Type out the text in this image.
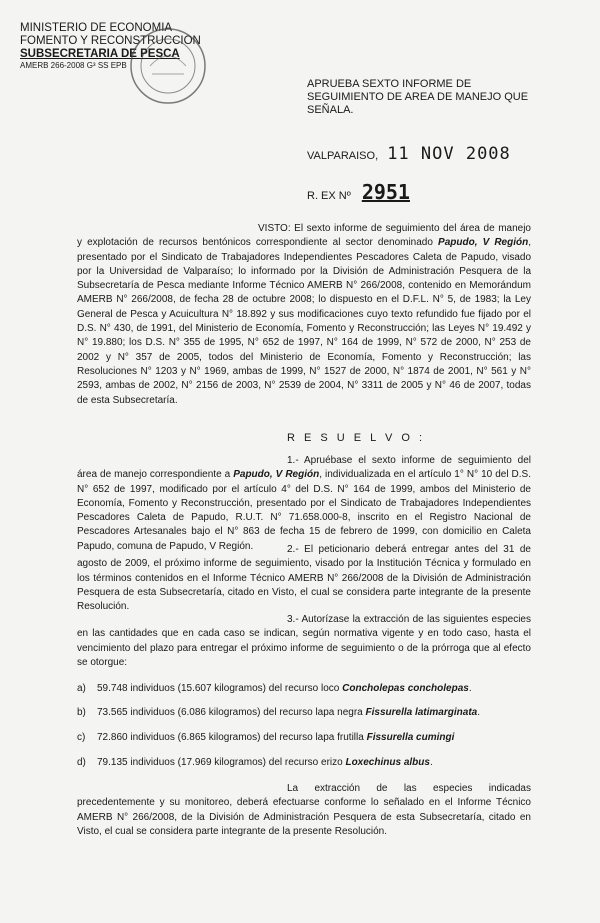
MINISTERIO DE ECONOMIA
FOMENTO Y RECONSTRUCCION
SUBSECRETARIA DE PESCA
AMERB 266-2008 G³ SS EPB
APRUEBA SEXTO INFORME DE
SEGUIMIENTO DE AREA DE MANEJO QUE
SEÑALA.
VALPARAISO, 11 NOV 2008
R. EX Nº 2951
VISTO: El sexto informe de seguimiento del área de manejo y explotación de recursos bentónicos correspondiente al sector denominado Papudo, V Región, presentado por el Sindicato de Trabajadores Independientes Pescadores Caleta de Papudo, visado por la Universidad de Valparaíso; lo informado por la División de Administración Pesquera de la Subsecretaría de Pesca mediante Informe Técnico AMERB N° 266/2008, contenido en Memorándum AMERB N° 266/2008, de fecha 28 de octubre 2008; lo dispuesto en el D.F.L. N° 5, de 1983; la Ley General de Pesca y Acuicultura N° 18.892 y sus modificaciones cuyo texto refundido fue fijado por el D.S. N° 430, de 1991, del Ministerio de Economía, Fomento y Reconstrucción; las Leyes N° 19.492 y N° 19.880; los D.S. N° 355 de 1995, N° 652 de 1997, N° 164 de 1999, N° 572 de 2000, N° 253 de 2002 y N° 357 de 2005, todos del Ministerio de Economía, Fomento y Reconstrucción; las Resoluciones N° 1203 y N° 1969, ambas de 1999, N° 1527 de 2000, N° 1874 de 2001, N° 561 y N° 2593, ambas de 2002, N° 2156 de 2003, N° 2539 de 2004, N° 3311 de 2005 y N° 46 de 2007, todas de esta Subsecretaría.
R E S U E L V O :
1.- Apruébase el sexto informe de seguimiento del área de manejo correspondiente a Papudo, V Región, individualizada en el artículo 1° N° 10 del D.S. N° 652 de 1997, modificado por el artículo 4° del D.S. N° 164 de 1999, ambos del Ministerio de Economía, Fomento y Reconstrucción, presentado por el Sindicato de Trabajadores Independientes Pescadores Caleta de Papudo, R.U.T. N° 71.658.000-8, inscrito en el Registro Nacional de Pescadores Artesanales bajo el N° 863 de fecha 15 de febrero de 1999, con domicilio en Caleta Papudo, comuna de Papudo, V Región.	2.- El peticionario deberá entregar antes del 31 de agosto de 2009, el próximo informe de seguimiento, visado por la Institución Técnica y formulado en los términos contenidos en el Informe Técnico AMERB N° 266/2008 de la División de Administración Pesquera de esta Subsecretaría, citado en Visto, el cual se considera parte integrante de la presente Resolución.
3.- Autorízase la extracción de las siguientes especies en las cantidades que en cada caso se indican, según normativa vigente y en todo caso, hasta el vencimiento del plazo para entregar el próximo informe de seguimiento o de la prórroga que al efecto se otorgue:
a) 59.748 individuos (15.607 kilogramos) del recurso loco Concholepas concholepas.
b) 73.565 individuos (6.086 kilogramos) del recurso lapa negra Fissurella latimarginata.
c) 72.860 individuos (6.865 kilogramos) del recurso lapa frutilla Fissurella cumingi
d) 79.135 individuos (17.969 kilogramos) del recurso erizo Loxechinus albus.
La extracción de las especies indicadas precedentemente y su monitoreo, deberá efectuarse conforme lo señalado en el Informe Técnico AMERB N° 266/2008, de la División de Administración Pesquera de esta Subsecretaría, citado en Visto, el cual se considera parte integrante de la presente Resolución.
